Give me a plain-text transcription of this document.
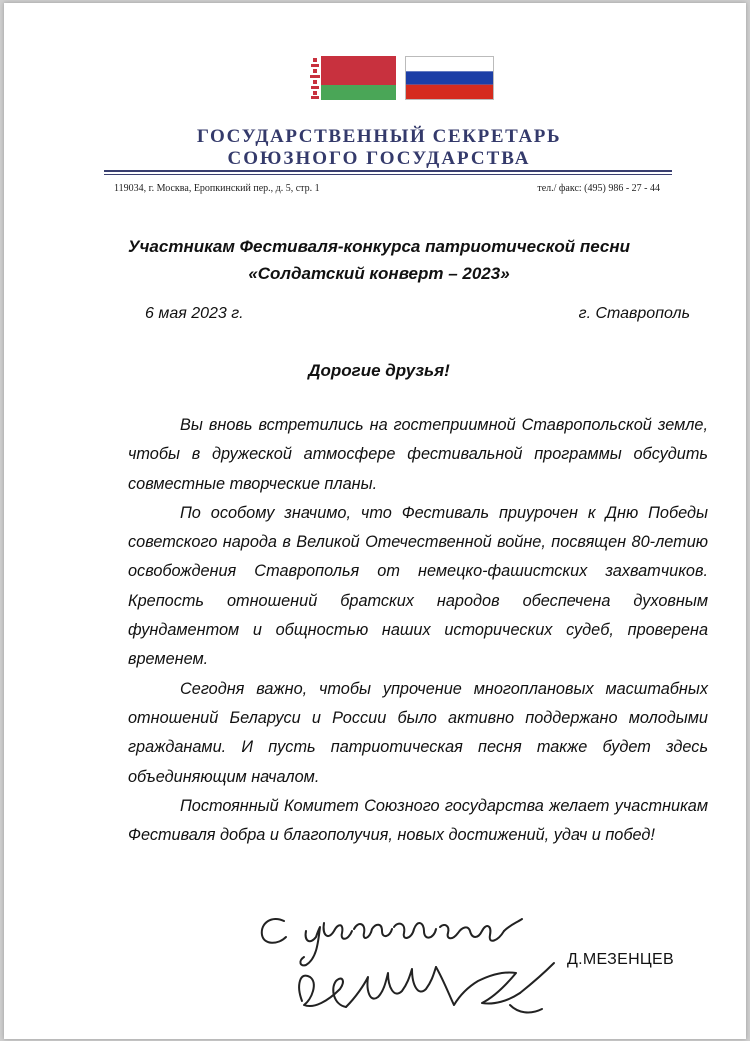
ГОСУДАРСТВЕННЫЙ СЕКРЕТАРЬ
СОЮЗНОГО ГОСУДАРСТВА
119034, г. Москва, Еропкинский пер., д. 5, стр. 1	тел./ факс: (495) 986 - 27 - 44
Участникам Фестиваля-конкурса патриотической песни
«Солдатский конверт – 2023»
6 мая 2023 г.	г. Ставрополь
Дорогие друзья!

Вы вновь встретились на гостеприимной Ставропольской земле, чтобы в дружеской атмосфере фестивальной программы обсудить совместные творческие планы.

По особому значимо, что Фестиваль приурочен к Дню Победы советского народа в Великой Отечественной войне, посвящен 80-летию освобождения Ставрополья от немецко-фашистских захватчиков. Крепость отношений братских народов обеспечена духовным фундаментом и общностью наших исторических судеб, проверена временем.

Сегодня важно, чтобы упрочение многоплановых масштабных отношений Беларуси и России было активно поддержано молодыми гражданами. И пусть патриотическая песня также будет здесь объединяющим началом.

Постоянный Комитет Союзного государства желает участникам Фестиваля добра и благополучия, новых достижений, удач и побед!

Д.МЕЗЕНЦЕВ
